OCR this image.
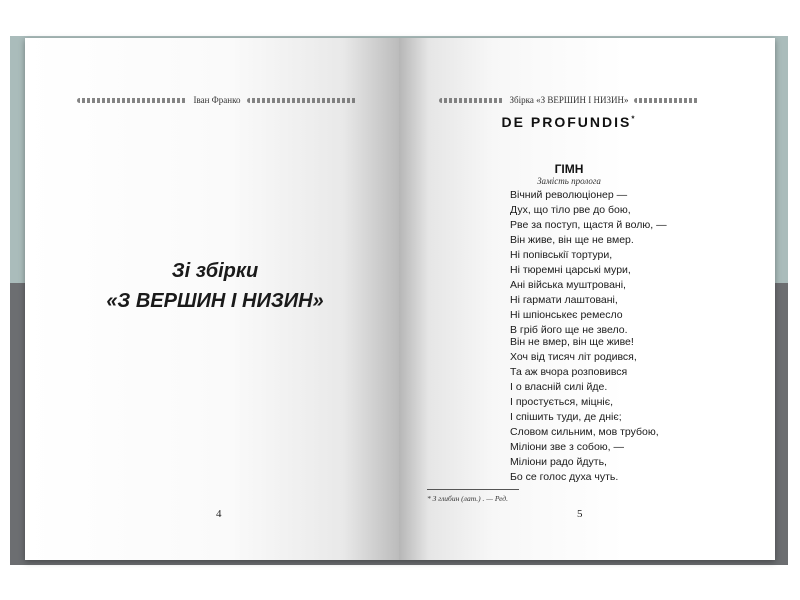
Іван Франко
Зі збірки
«З ВЕРШИН І НИЗИН»
4
Збірка «З ВЕРШИН І НИЗИН»
DE PROFUNDIS*
ГІМН
Замість пролога
Вічний революціонер —
Дух, що тіло рве до бою,
Рве за поступ, щастя й волю, —
Він живе, він ще не вмер.
Ні попівськії тортури,
Ні тюремні царські мури,
Ані війська муштровані,
Ні гармати лаштовані,
Ні шпіонськеє ремесло
В гріб його ще не звело.
Він не вмер, він ще живе!
Хоч від тисяч літ родився,
Та аж вчора розповився
І о власній силі йде.
І простується, міцніє,
І спішить туди, де дніє;
Словом сильним, мов трубою,
Міліони зве з собою, —
Міліони радо йдуть,
Бо се голос духа чуть.
* З глибин (лат.) . — Ред.
5
